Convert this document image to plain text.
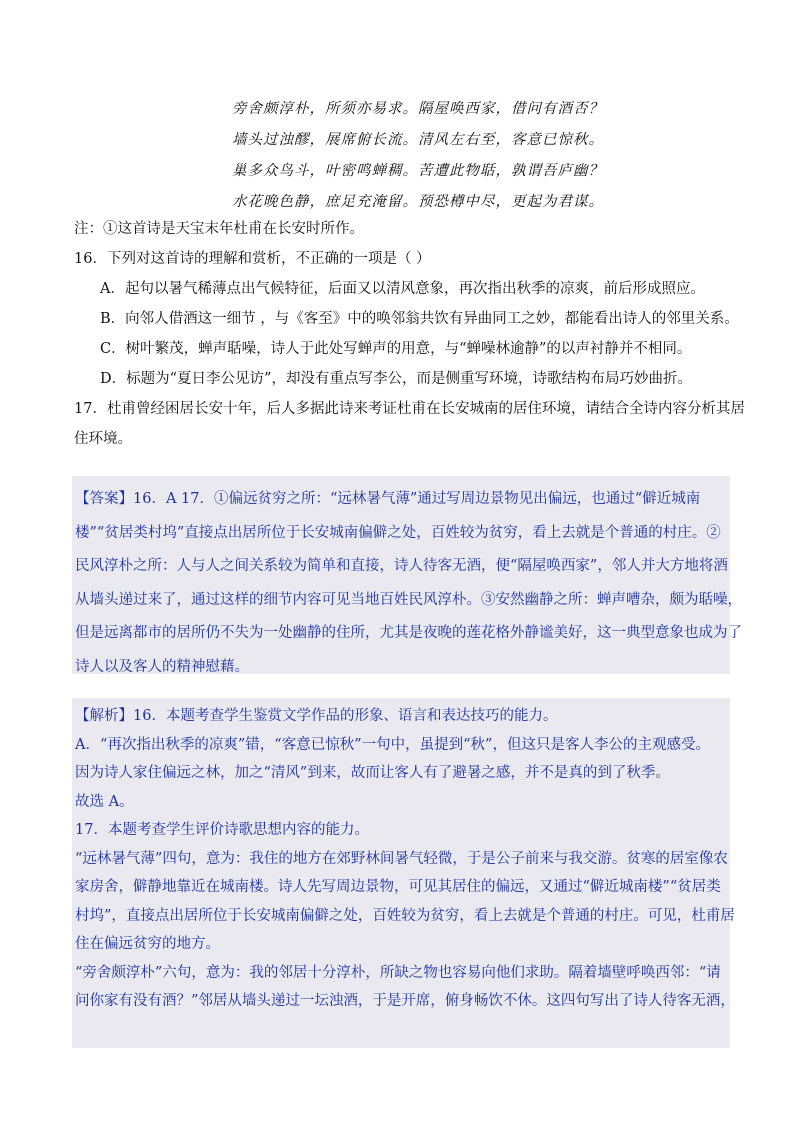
旁舍颇淳朴，所须亦易求。隔屋唤西家，借问有酒否？
墙头过浊醪，展席俯长流。清风左右至，客意已惊秋。
巢多众鸟斗，叶密鸣蝉稠。苦遭此物聒，孰谓吾庐幽？
水花晚色静，庶足充淹留。预恐樽中尽，更起为君谋。
注：①这首诗是天宝末年杜甫在长安时所作。
16．下列对这首诗的理解和赏析，不正确的一项是（ ）
A．起句以暑气稀薄点出气候特征，后面又以清风意象，再次指出秋季的凉爽，前后形成照应。
B．向邻人借酒这一细节 ，与《客至》中的唤邻翁共饮有异曲同工之妙，都能看出诗人的邻里关系。
C．树叶繁茂，蝉声聒噪，诗人于此处写蝉声的用意，与“蝉噪林逾静”的以声衬静并不相同。
D．标题为“夏日李公见访”，却没有重点写李公，而是侧重写环境，诗歌结构布局巧妙曲折。
17．杜甫曾经困居长安十年，后人多据此诗来考证杜甫在长安城南的居住环境，请结合全诗内容分析其居
住环境。
【答案】16．A 17．①偏远贫穷之所：“远林暑气薄”通过写周边景物见出偏远，也通过“僻近城南
楼”“贫居类村坞”直接点出居所位于长安城南偏僻之处，百姓较为贫穷，看上去就是个普通的村庄。②
民风淳朴之所：人与人之间关系较为简单和直接，诗人待客无酒，便“隔屋唤西家”，邻人并大方地将酒
从墙头递过来了，通过这样的细节内容可见当地百姓民风淳朴。③安然幽静之所：蝉声嘈杂，颇为聒噪，
但是远离都市的居所仍不失为一处幽静的住所，尤其是夜晚的莲花格外静谧美好，这一典型意象也成为了
诗人以及客人的精神慰藉。
【解析】16．本题考查学生鉴赏文学作品的形象、语言和表达技巧的能力。
A．“再次指出秋季的凉爽”错，“客意已惊秋”一句中，虽提到“秋”，但这只是客人李公的主观感受。
因为诗人家住偏远之林，加之“清风”到来，故而让客人有了避暑之感，并不是真的到了秋季。
故选 A。
17．本题考查学生评价诗歌思想内容的能力。
“远林暑气薄”四句，意为：我住的地方在郊野林间暑气轻微，于是公子前来与我交游。贫寒的居室像农
家房舍，僻静地靠近在城南楼。诗人先写周边景物，可见其居住的偏远，又通过“僻近城南楼”“贫居类
村坞”，直接点出居所位于长安城南偏僻之处，百姓较为贫穷，看上去就是个普通的村庄。可见，杜甫居
住在偏远贫穷的地方。
“旁舍颇淳朴”六句，意为：我的邻居十分淳朴，所缺之物也容易向他们求助。隔着墙壁呼唤西邻：“请
问你家有没有酒？”邻居从墙头递过一坛浊酒，于是开席，俯身畅饮不休。这四句写出了诗人待客无酒，
